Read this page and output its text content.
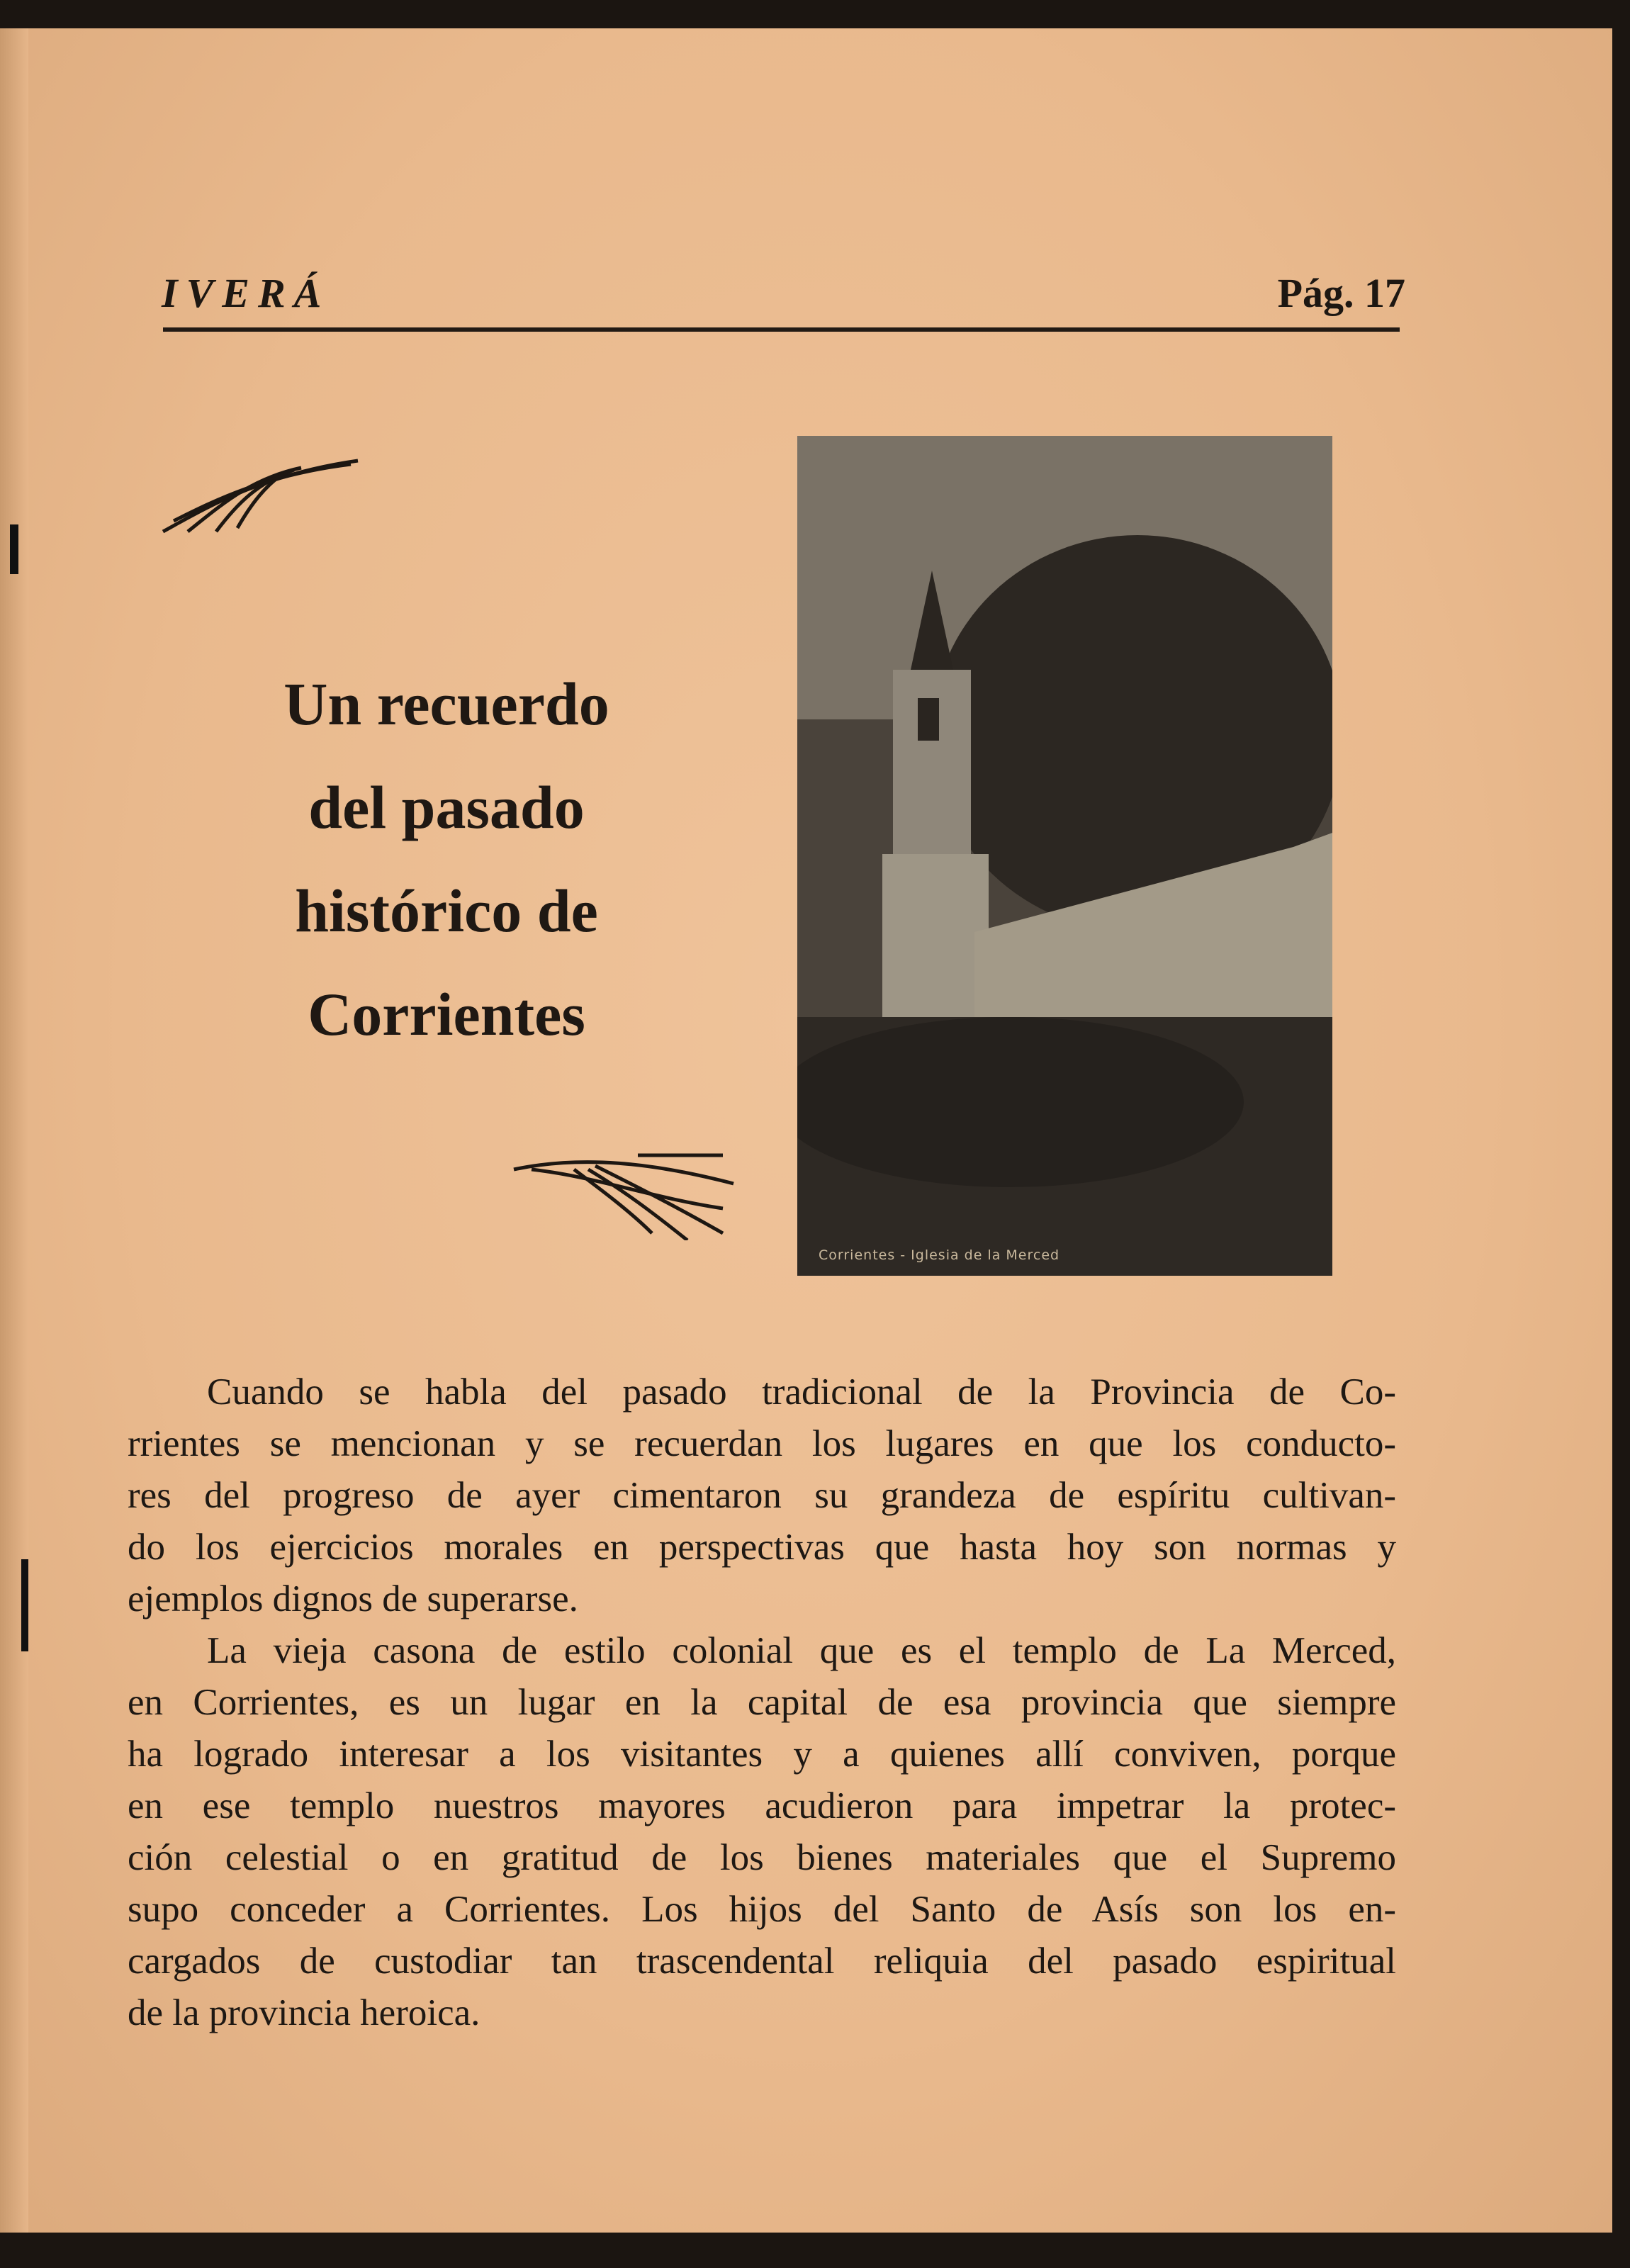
IVERÁ	Pág. 17
Un recuerdo
del pasado
histórico de
Corrientes
Corrientes - Iglesia de la Merced
Cuando se habla del pasado tradicional de la Provincia de Co-
rrientes se mencionan y se recuerdan los lugares en que los conducto-
res del progreso de ayer cimentaron su grandeza de espíritu cultivan-
do los ejercicios morales en perspectivas que hasta hoy son normas y
ejemplos dignos de superarse.
La vieja casona de estilo colonial que es el templo de La Merced,
en Corrientes, es un lugar en la capital de esa provincia que siempre
ha logrado interesar a los visitantes y a quienes allí conviven, porque
en ese templo nuestros mayores acudieron para impetrar la protec-
ción celestial o en gratitud de los bienes materiales que el Supremo
supo conceder a Corrientes. Los hijos del Santo de Asís son los en-
cargados de custodiar tan trascendental reliquia del pasado espiritual
de la provincia heroica.
